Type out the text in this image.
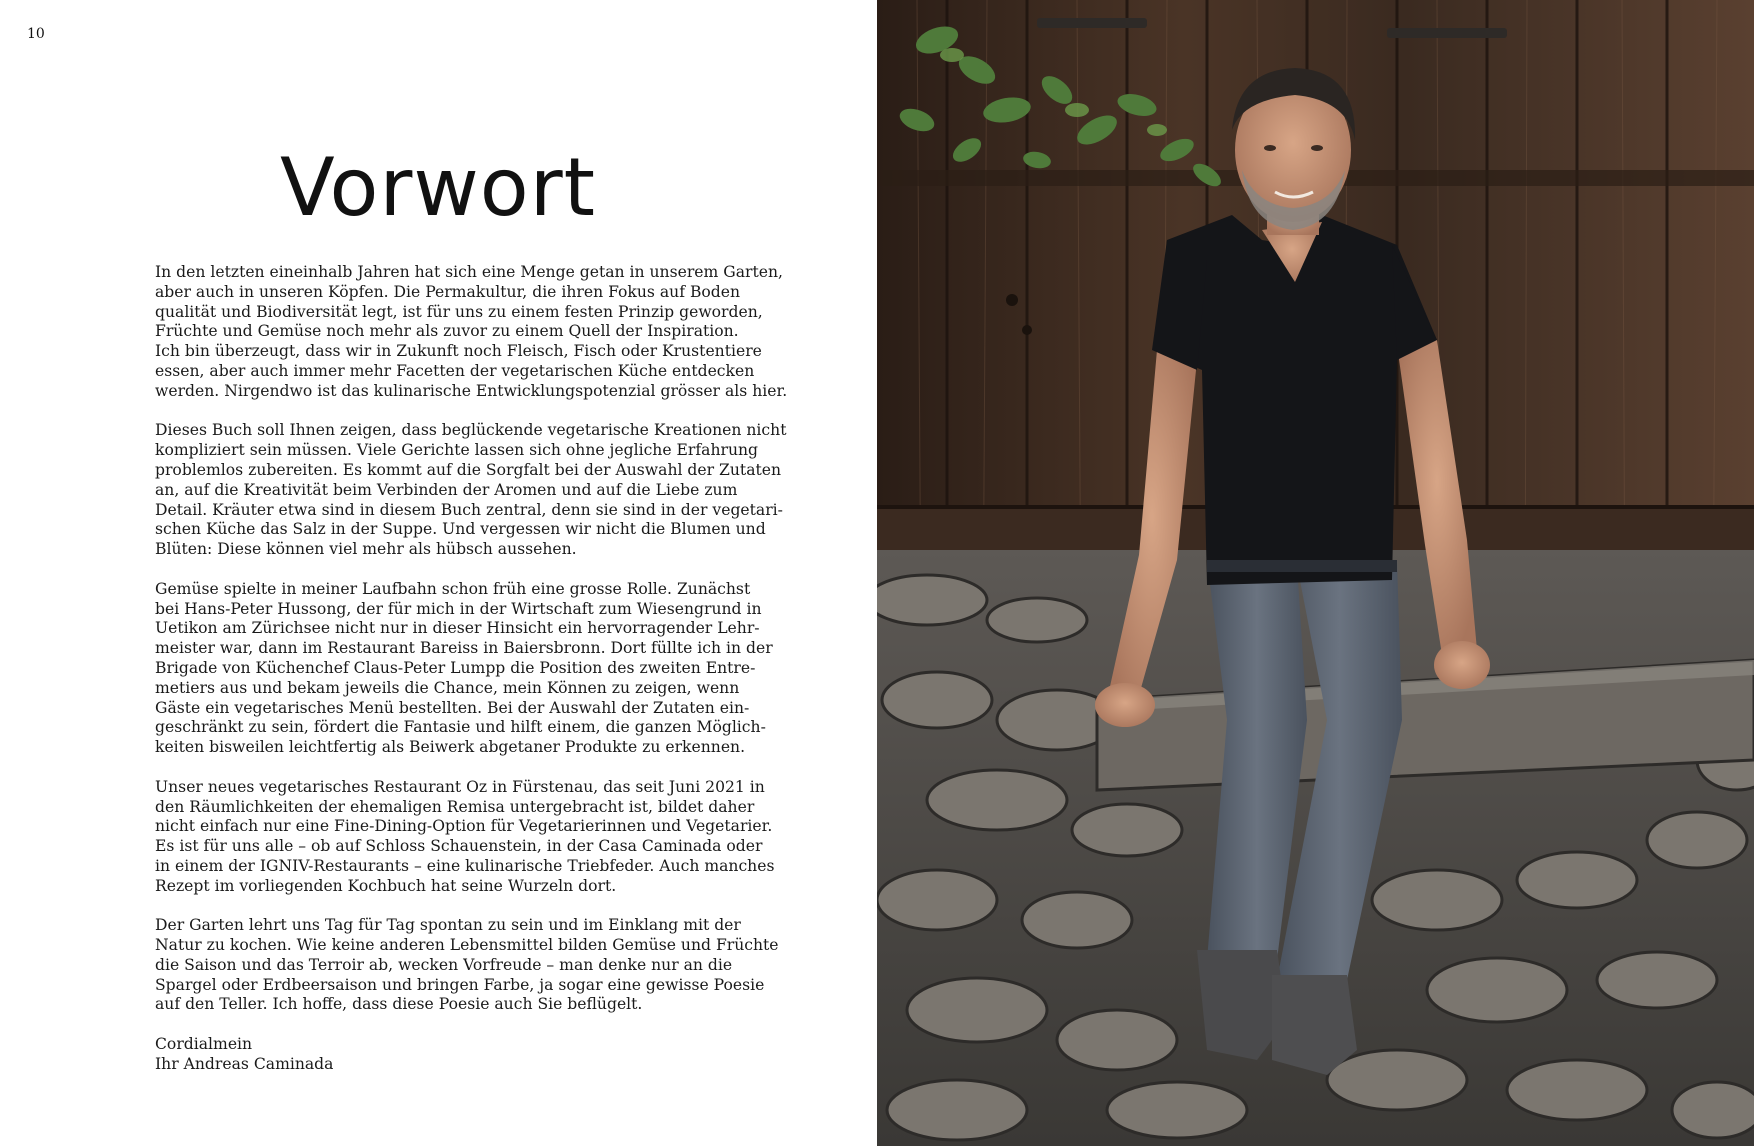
10
Vorwort

In den letzten eineinhalb Jahren hat sich eine Menge getan in unserem Garten,
aber auch in unseren Köpfen. Die Permakultur, die ihren Fokus auf Boden
qualität und Biodiversität legt, ist für uns zu einem festen Prinzip geworden,
Früchte und Gemüse noch mehr als zuvor zu einem Quell der Inspiration.
Ich bin überzeugt, dass wir in Zukunft noch Fleisch, Fisch oder Krustentiere
essen, aber auch immer mehr Facetten der vegetarischen Küche entdecken
werden. Nirgendwo ist das kulinarische Entwicklungspotenzial grösser als hier.

Dieses Buch soll Ihnen zeigen, dass beglückende vegetarische Kreationen nicht
kompliziert sein müssen. Viele Gerichte lassen sich ohne jegliche Erfahrung
problemlos zubereiten. Es kommt auf die Sorgfalt bei der Auswahl der Zutaten
an, auf die Kreativität beim Verbinden der Aromen und auf die Liebe zum
Detail. Kräuter etwa sind in diesem Buch zentral, denn sie sind in der vegetari-
schen Küche das Salz in der Suppe. Und vergessen wir nicht die Blumen und
Blüten: Diese können viel mehr als hübsch aussehen.

Gemüse spielte in meiner Laufbahn schon früh eine grosse Rolle. Zunächst
bei Hans-Peter Hussong, der für mich in der Wirtschaft zum Wiesengrund in
Uetikon am Zürichsee nicht nur in dieser Hinsicht ein hervorragender Lehr-
meister war, dann im Restaurant Bareiss in Baiersbronn. Dort füllte ich in der
Brigade von Küchenchef Claus-Peter Lumpp die Position des zweiten Entre-
metiers aus und bekam jeweils die Chance, mein Können zu zeigen, wenn
Gäste ein vegetarisches Menü bestellten. Bei der Auswahl der Zutaten ein-
geschränkt zu sein, fördert die Fantasie und hilft einem, die ganzen Möglich-
keiten bisweilen leichtfertig als Beiwerk abgetaner Produkte zu erkennen.

Unser neues vegetarisches Restaurant Oz in Fürstenau, das seit Juni 2021 in
den Räumlichkeiten der ehemaligen Remisa untergebracht ist, bildet daher
nicht einfach nur eine Fine-Dining-Option für Vegetarierinnen und Vegetarier.
Es ist für uns alle – ob auf Schloss Schauenstein, in der Casa Caminada oder
in einem der IGNIV-Restaurants – eine kulinarische Triebfeder. Auch manches
Rezept im vorliegenden Kochbuch hat seine Wurzeln dort.

Der Garten lehrt uns Tag für Tag spontan zu sein und im Einklang mit der
Natur zu kochen. Wie keine anderen Lebensmittel bilden Gemüse und Früchte
die Saison und das Terroir ab, wecken Vorfreude – man denke nur an die
Spargel oder Erdbeersaison und bringen Farbe, ja sogar eine gewisse Poesie
auf den Teller. Ich hoffe, dass diese Poesie auch Sie beflügelt.

Cordialmein
Ihr Andreas Caminada
